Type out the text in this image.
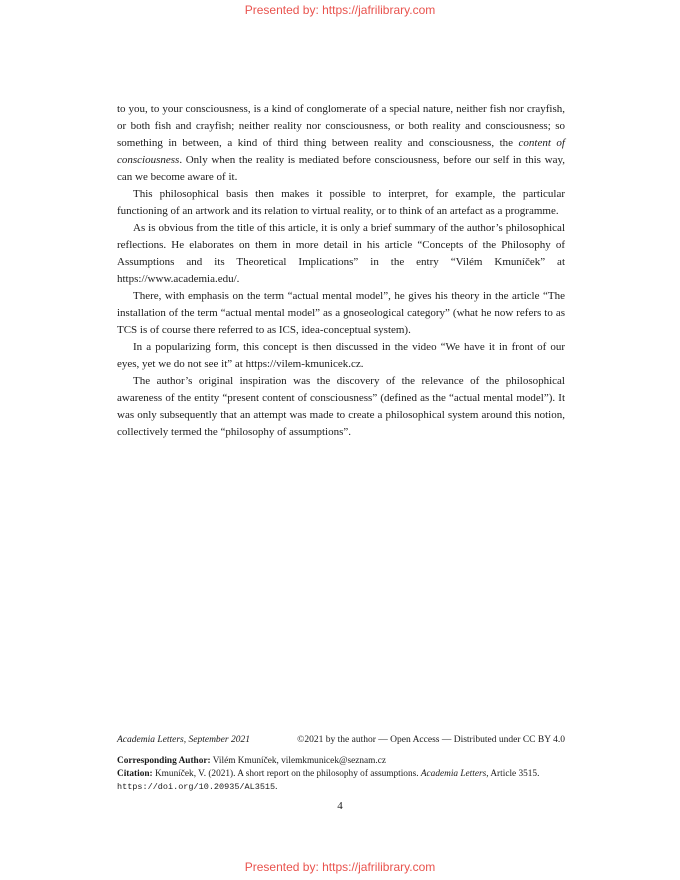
Presented by: https://jafrilibrary.com

to you, to your consciousness, is a kind of conglomerate of a special nature, neither fish nor crayfish, or both fish and crayfish; neither reality nor consciousness, or both reality and consciousness; so something in between, a kind of third thing between reality and consciousness, the content of consciousness. Only when the reality is mediated before consciousness, before our self in this way, can we become aware of it.

This philosophical basis then makes it possible to interpret, for example, the particular functioning of an artwork and its relation to virtual reality, or to think of an artefact as a programme.

As is obvious from the title of this article, it is only a brief summary of the author’s philosophical reflections. He elaborates on them in more detail in his article “Concepts of the Philosophy of Assumptions and its Theoretical Implications” in the entry “Vilém Kmuníček” at https://www.academia.edu/.

There, with emphasis on the term “actual mental model”, he gives his theory in the article “The installation of the term “actual mental model” as a gnoseological category” (what he now refers to as TCS is of course there referred to as ICS, idea-conceptual system).

In a popularizing form, this concept is then discussed in the video “We have it in front of our eyes, yet we do not see it” at https://vilem-kmunicek.cz.

The author’s original inspiration was the discovery of the relevance of the philosophical awareness of the entity “present content of consciousness” (defined as the “actual mental model”). It was only subsequently that an attempt was made to create a philosophical system around this notion, collectively termed the “philosophy of assumptions”.

Academia Letters, September 2021	©2021 by the author — Open Access — Distributed under CC BY 4.0
Corresponding Author: Vilém Kmuníček, vilemkmunicek@seznam.cz
Citation: Kmuníček, V. (2021). A short report on the philosophy of assumptions. Academia Letters, Article 3515. https://doi.org/10.20935/AL3515.
4
Presented by: https://jafrilibrary.com
